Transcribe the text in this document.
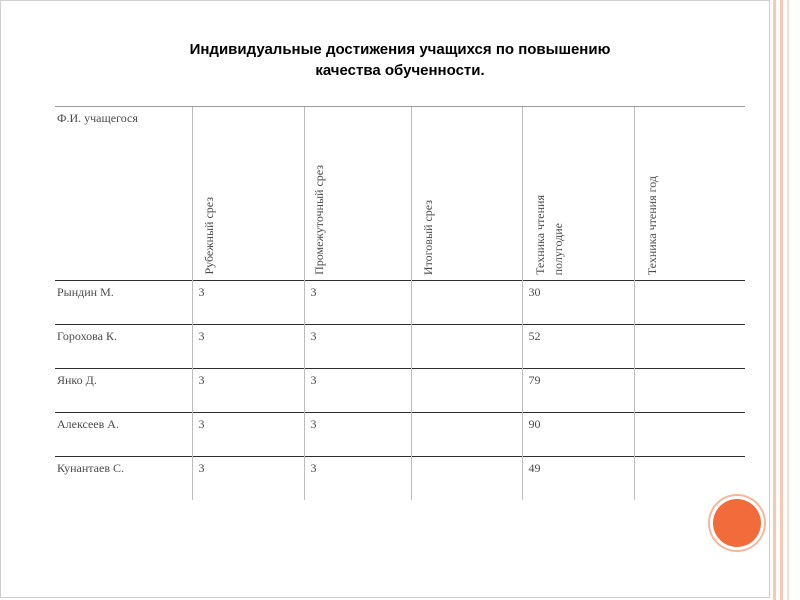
Индивидуальные достижения учащихся по повышению
качества обученности.
Ф.И. учащегося	Рубежный срез	Промежуточный срез	Итоговый срез	Техника чтения полугодие	Техника чтения год

Рындин М.	3	3		30	
Горохова К.	3	3		52	
Янко Д.	3	3		79	
Алексеев А.	3	3		90	
Кунантаев С.	3	3		49	
